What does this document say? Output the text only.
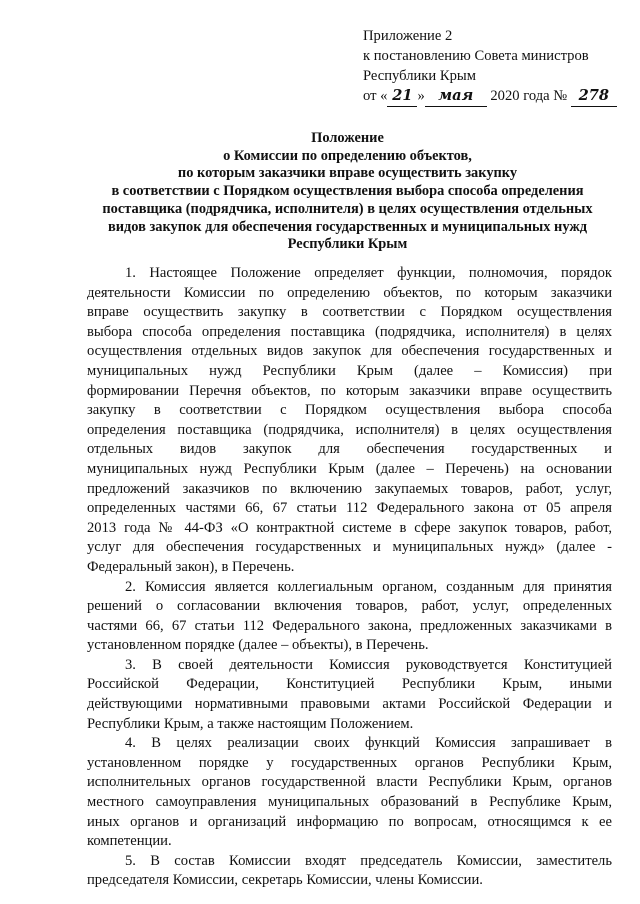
Приложение 2
к постановлению Совета министров
Республики Крым
от « 21 » мая 2020 года № 278
Положение
о Комиссии по определению объектов,
по которым заказчики вправе осуществить закупку
в соответствии с Порядком осуществления выбора способа определения
поставщика (подрядчика, исполнителя) в целях осуществления отдельных
видов закупок для обеспечения государственных и муниципальных нужд
Республики Крым
1. Настоящее Положение определяет функции, полномочия, порядок
деятельности Комиссии по определению объектов, по которым заказчики
вправе осуществить закупку в соответствии с Порядком осуществления
выбора способа определения поставщика (подрядчика, исполнителя) в целях
осуществления отдельных видов закупок для обеспечения государственных и
муниципальных нужд Республики Крым (далее – Комиссия) при
формировании Перечня объектов, по которым заказчики вправе осуществить
закупку в соответствии с Порядком осуществления выбора способа
определения поставщика (подрядчика, исполнителя) в целях осуществления
отдельных видов закупок для обеспечения государственных и
муниципальных нужд Республики Крым (далее – Перечень) на основании
предложений заказчиков по включению закупаемых товаров, работ, услуг,
определенных частями 66, 67 статьи 112 Федерального закона от 05 апреля
2013 года № 44-ФЗ «О контрактной системе в сфере закупок товаров, работ,
услуг для обеспечения государственных и муниципальных нужд» (далее -
Федеральный закон), в Перечень.
2. Комиссия является коллегиальным органом, созданным для принятия
решений о согласовании включения товаров, работ, услуг, определенных
частями 66, 67 статьи 112 Федерального закона, предложенных заказчиками в
установленном порядке (далее – объекты), в Перечень.
3. В своей деятельности Комиссия руководствуется Конституцией
Российской Федерации, Конституцией Республики Крым, иными
действующими нормативными правовыми актами Российской Федерации и
Республики Крым, а также настоящим Положением.
4. В целях реализации своих функций Комиссия запрашивает в
установленном порядке у государственных органов Республики Крым,
исполнительных органов государственной власти Республики Крым, органов
местного самоуправления муниципальных образований в Республике Крым,
иных органов и организаций информацию по вопросам, относящимся к ее
компетенции.
5. В состав Комиссии входят председатель Комиссии, заместитель
председателя Комиссии, секретарь Комиссии, члены Комиссии.
